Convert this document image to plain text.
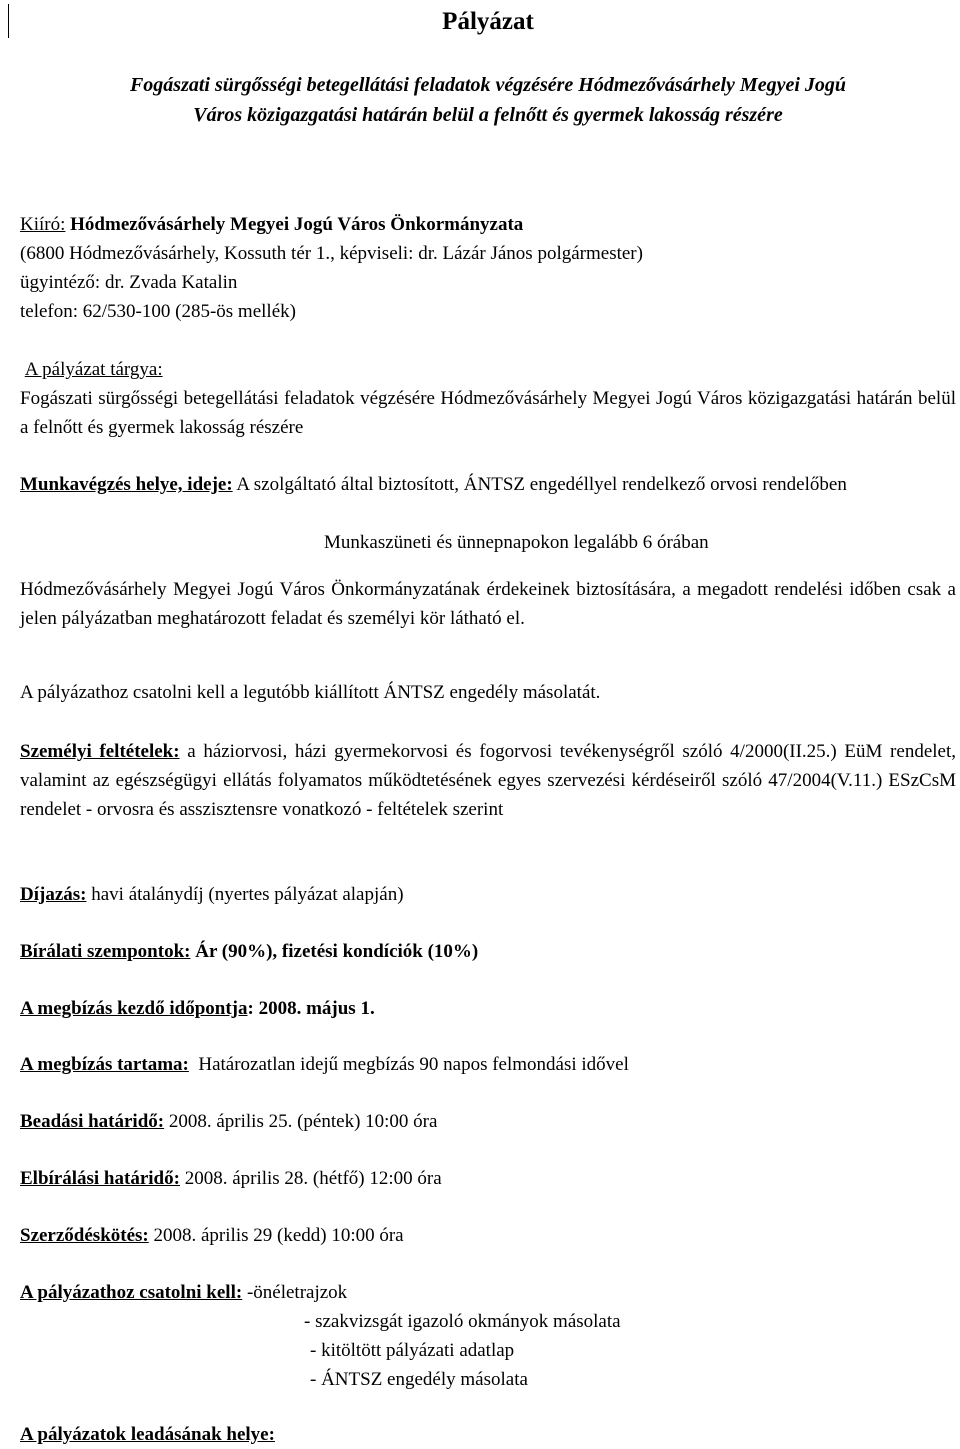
Pályázat
Fogászati sürgősségi betegellátási feladatok végzésére Hódmezővásárhely Megyei Jogú
Város közigazgatási határán belül a felnőtt és gyermek lakosság részére
Kiíró: Hódmezővásárhely Megyei Jogú Város Önkormányzata
(6800 Hódmezővásárhely, Kossuth tér 1., képviseli: dr. Lázár János polgármester)
ügyintéző: dr. Zvada Katalin
telefon: 62/530-100 (285-ös mellék)
A pályázat tárgya:
Fogászati sürgősségi betegellátási feladatok végzésére Hódmezővásárhely Megyei Jogú Város közigazgatási határán belül a felnőtt és gyermek lakosság részére
Munkavégzés helye, ideje: A szolgáltató által biztosított, ÁNTSZ engedéllyel rendelkező orvosi rendelőben
Munkaszüneti és ünnepnapokon legalább 6 órában
Hódmezővásárhely Megyei Jogú Város Önkormányzatának érdekeinek biztosítására, a megadott rendelési időben csak a jelen pályázatban meghatározott feladat és személyi kör látható el.
A pályázathoz csatolni kell a legutóbb kiállított ÁNTSZ engedély másolatát.
Személyi feltételek: a háziorvosi, házi gyermekorvosi és fogorvosi tevékenységről szóló 4/2000(II.25.) EüM rendelet, valamint az egészségügyi ellátás folyamatos működtetésének egyes szervezési kérdéseiről szóló 47/2004(V.11.) ESzCsM rendelet - orvosra és asszisztensre vonatkozó - feltételek szerint
Díjazás: havi átalánydíj (nyertes pályázat alapján)
Bírálati szempontok: Ár (90%), fizetési kondíciók (10%)
A megbízás kezdő időpontja: 2008. május 1.
A megbízás tartama:  Határozatlan idejű megbízás 90 napos felmondási idővel
Beadási határidő: 2008. április 25. (péntek) 10:00 óra
Elbírálási határidő: 2008. április 28. (hétfő) 12:00 óra
Szerződéskötés: 2008. április 29 (kedd) 10:00 óra
A pályázathoz csatolni kell: -önéletrajzok
- szakvizsgát igazoló okmányok másolata
- kitöltött pályázati adatlap
- ÁNTSZ engedély másolata
A pályázatok leadásának helye:
